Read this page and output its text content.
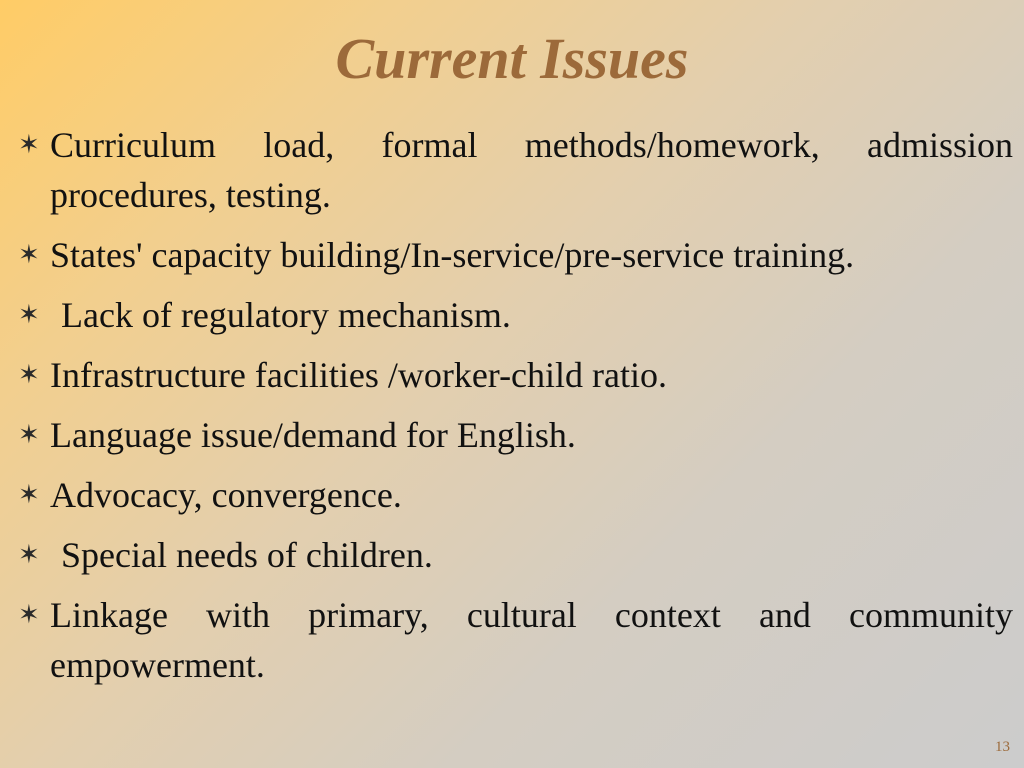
Current Issues
✶ Curriculum load, formal methods/homework, admission procedures, testing.
✶ States' capacity building/In-service/pre-service training.
✶ Lack of regulatory mechanism.
✶ Infrastructure facilities /worker-child ratio.
✶ Language issue/demand for English.
✶ Advocacy, convergence.
✶ Special needs of children.
✶ Linkage with primary, cultural context and community empowerment.
13
